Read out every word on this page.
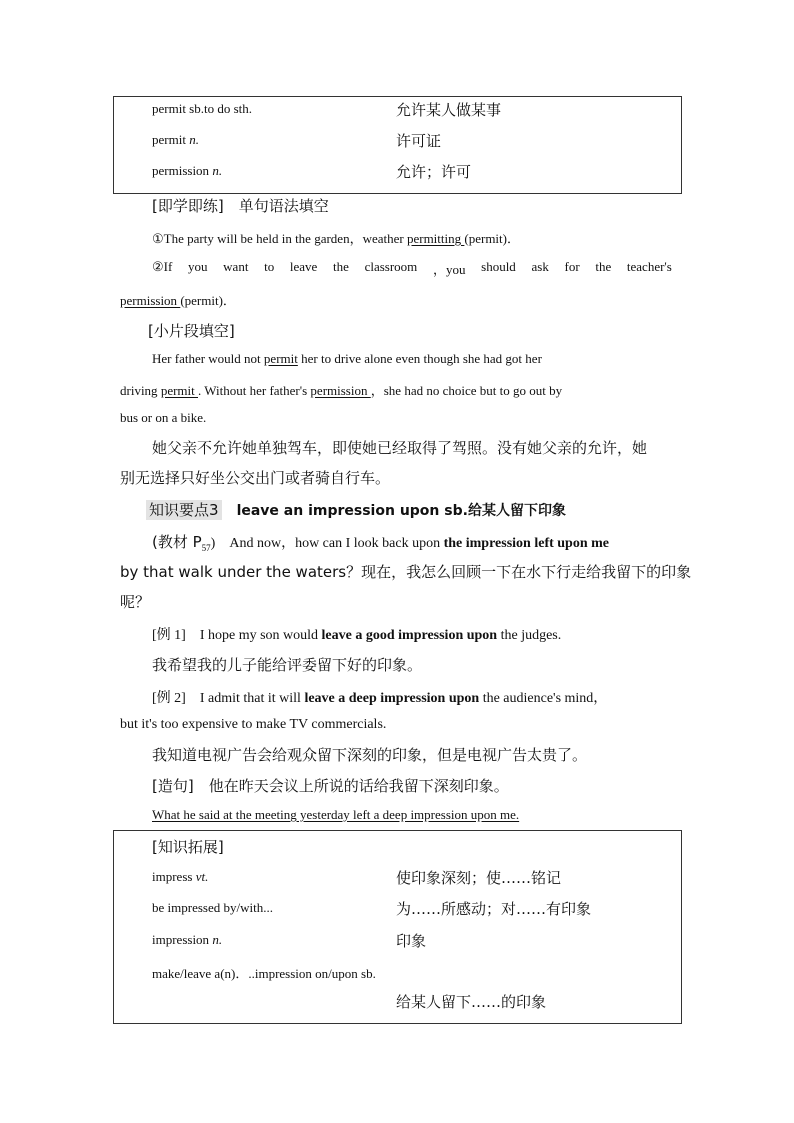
permit sb.to do sth.	允许某人做某事
permit n.	许可证
permission n.	允许；许可
[即学即练]　单句语法填空
①The party will be held in the garden，weather permitting (permit)．
②If you want to leave the classroom ，you should ask for the teacher's
permission (permit)．
[小片段填空]
Her father would not permit her to drive alone even though she had got her
driving permit . Without her father's permission ，she had no choice but to go out by
bus or on a bike.
她父亲不允许她单独驾车，即使她已经取得了驾照。没有她父亲的允许，她
别无选择只好坐公交出门或者骑自行车。
知识要点3　 leave an impression upon sb.给某人留下印象
(教材 $P_{57}$)　And now，how can I look back upon the impression left upon me
by that walk under the waters？现在，我怎么回顾一下在水下行走给我留下的印象
呢？
[例 1]　I hope my son would leave a good impression upon the judges.
我希望我的儿子能给评委留下好的印象。
[例 2]　I admit that it will leave a deep impression upon the audience's mind，
but it's too expensive to make TV commercials.
我知道电视广告会给观众留下深刻的印象，但是电视广告太贵了。
[造句]　他在昨天会议上所说的话给我留下深刻印象。
What he said at the meeting yesterday left a deep impression upon me.
[知识拓展]
impress vt.	使印象深刻；使……铭记
be impressed by/with...	为……所感动；对……有印象
impression n.	印象
make/leave a(n)．..impression on/upon sb.
给某人留下……的印象
